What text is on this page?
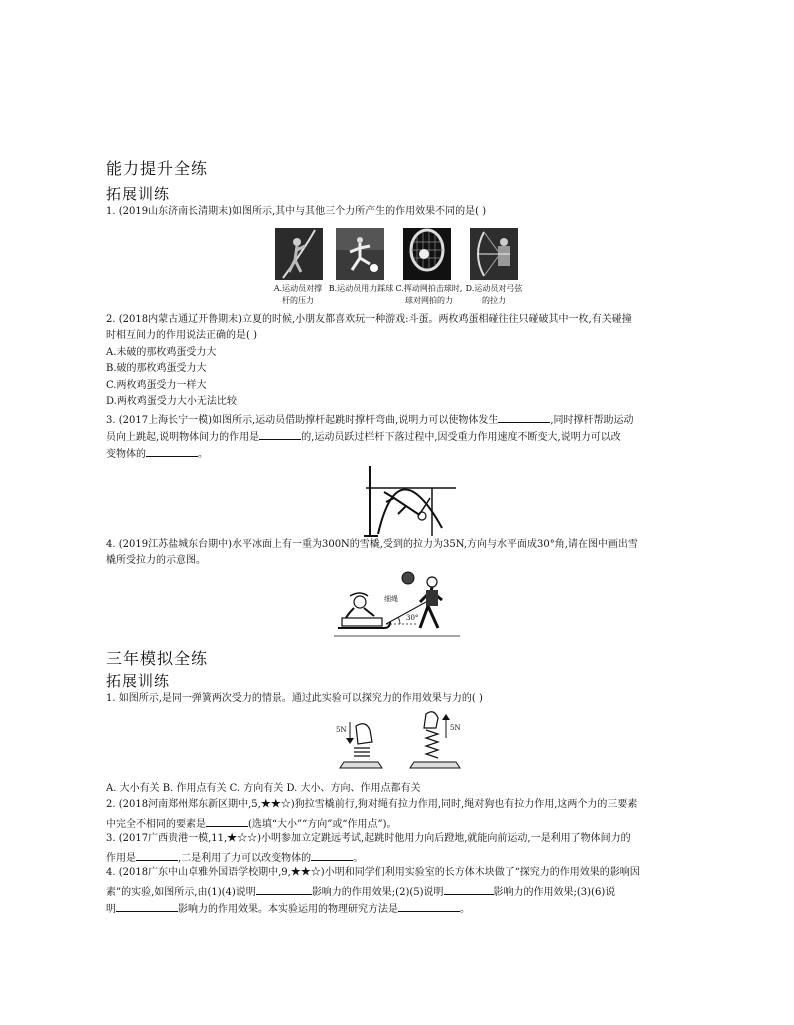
能力提升全练
拓展训练
1. (2019山东济南长清期末)如图所示,其中与其他三个力所产生的作用效果不同的是( )
A.运动员对撑
杆的压力
B.运动员用力踩球 C.挥动网拍击球时,
球对网拍的力
D.运动员对弓弦
的拉力
2. (2018内蒙古通辽开鲁期末)立夏的时候,小朋友都喜欢玩一种游戏:斗蛋。两枚鸡蛋相碰往往只碰破其中一枚,有关碰撞
时相互间力的作用说法正确的是( )
A.未破的那枚鸡蛋受力大
B.破的那枚鸡蛋受力大
C.两枚鸡蛋受力一样大
D.两枚鸡蛋受力大小无法比较
3. (2017上海长宁一模)如图所示,运动员借助撑杆起跳时撑杆弯曲,说明力可以使物体发生	,同时撑杆帮助运动
员向上跳起,说明物体间力的作用是	的,运动员跃过栏杆下落过程中,因受重力作用速度不断变大,说明力可以改
变物体的	。
4. (2019江苏盐城东台期中)水平冰面上有一重为300N的雪橇,受到的拉力为35N,方向与水平面成30°角,请在图中画出雪
橇所受拉力的示意图。
细绳
30°
三年模拟全练
拓展训练
1. 如图所示,是同一弹簧两次受力的情景。通过此实验可以探究力的作用效果与力的( )
5N	5N
A. 大小有关 B. 作用点有关 C. 方向有关 D. 大小、方向、作用点都有关
2. (2018河南郑州郑东新区期中,5,★★☆)狗拉雪橇前行,狗对绳有拉力作用,同时,绳对狗也有拉力作用,这两个力的三要素
中完全不相同的要素是	(选填“大小”“方向”或“作用点”)。
3. (2017广西贵港一模,11,★☆☆)小明参加立定跳远考试,起跳时他用力向后蹬地,就能向前运动,一是利用了物体间力的
作用是	,二是利用了力可以改变物体的	。
4. (2018广东中山卓雅外国语学校期中,9,★★☆)小明和同学们利用实验室的长方体木块做了“探究力的作用效果的影响因
素”的实验,如图所示,由(1)(4)说明	影响力的作用效果;(2)(5)说明	影响力的作用效果;(3)(6)说
明	影响力的作用效果。本实验运用的物理研究方法是	。
